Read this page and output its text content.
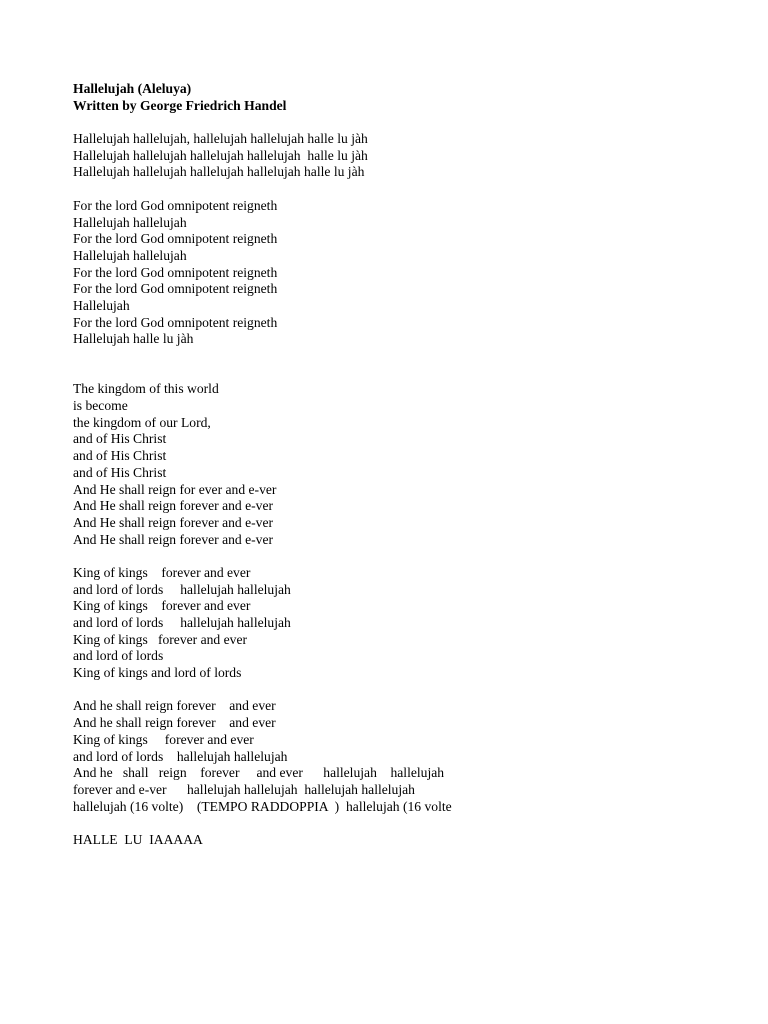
Hallelujah (Aleluya)
Written by George Friedrich Handel
Hallelujah hallelujah, hallelujah hallelujah halle lu jàh
Hallelujah hallelujah hallelujah hallelujah  halle lu jàh
Hallelujah hallelujah hallelujah hallelujah halle lu jàh
For the lord God omnipotent reigneth
Hallelujah hallelujah
For the lord God omnipotent reigneth
Hallelujah hallelujah
For the lord God omnipotent reigneth
For the lord God omnipotent reigneth
Hallelujah
For the lord God omnipotent reigneth
Hallelujah halle lu jàh
The kingdom of this world
is become
the kingdom of our Lord,
and of His Christ
and of His Christ
and of His Christ
And He shall reign for ever and e-ver
And He shall reign forever and e-ver
And He shall reign forever and e-ver
And He shall reign forever and e-ver
King of kings    forever and ever
and lord of lords     hallelujah hallelujah
King of kings    forever and ever
and lord of lords     hallelujah hallelujah
King of kings   forever and ever
and lord of lords
King of kings and lord of lords
And he shall reign forever    and ever
And he shall reign forever    and ever
King of kings     forever and ever
and lord of lords    hallelujah hallelujah
And he   shall   reign    forever     and ever      hallelujah    hallelujah
forever and e-ver      hallelujah hallelujah  hallelujah hallelujah
hallelujah (16 volte)    (TEMPO RADDOPPIA  )  hallelujah (16 volte
HALLE  LU  IAAAAA
